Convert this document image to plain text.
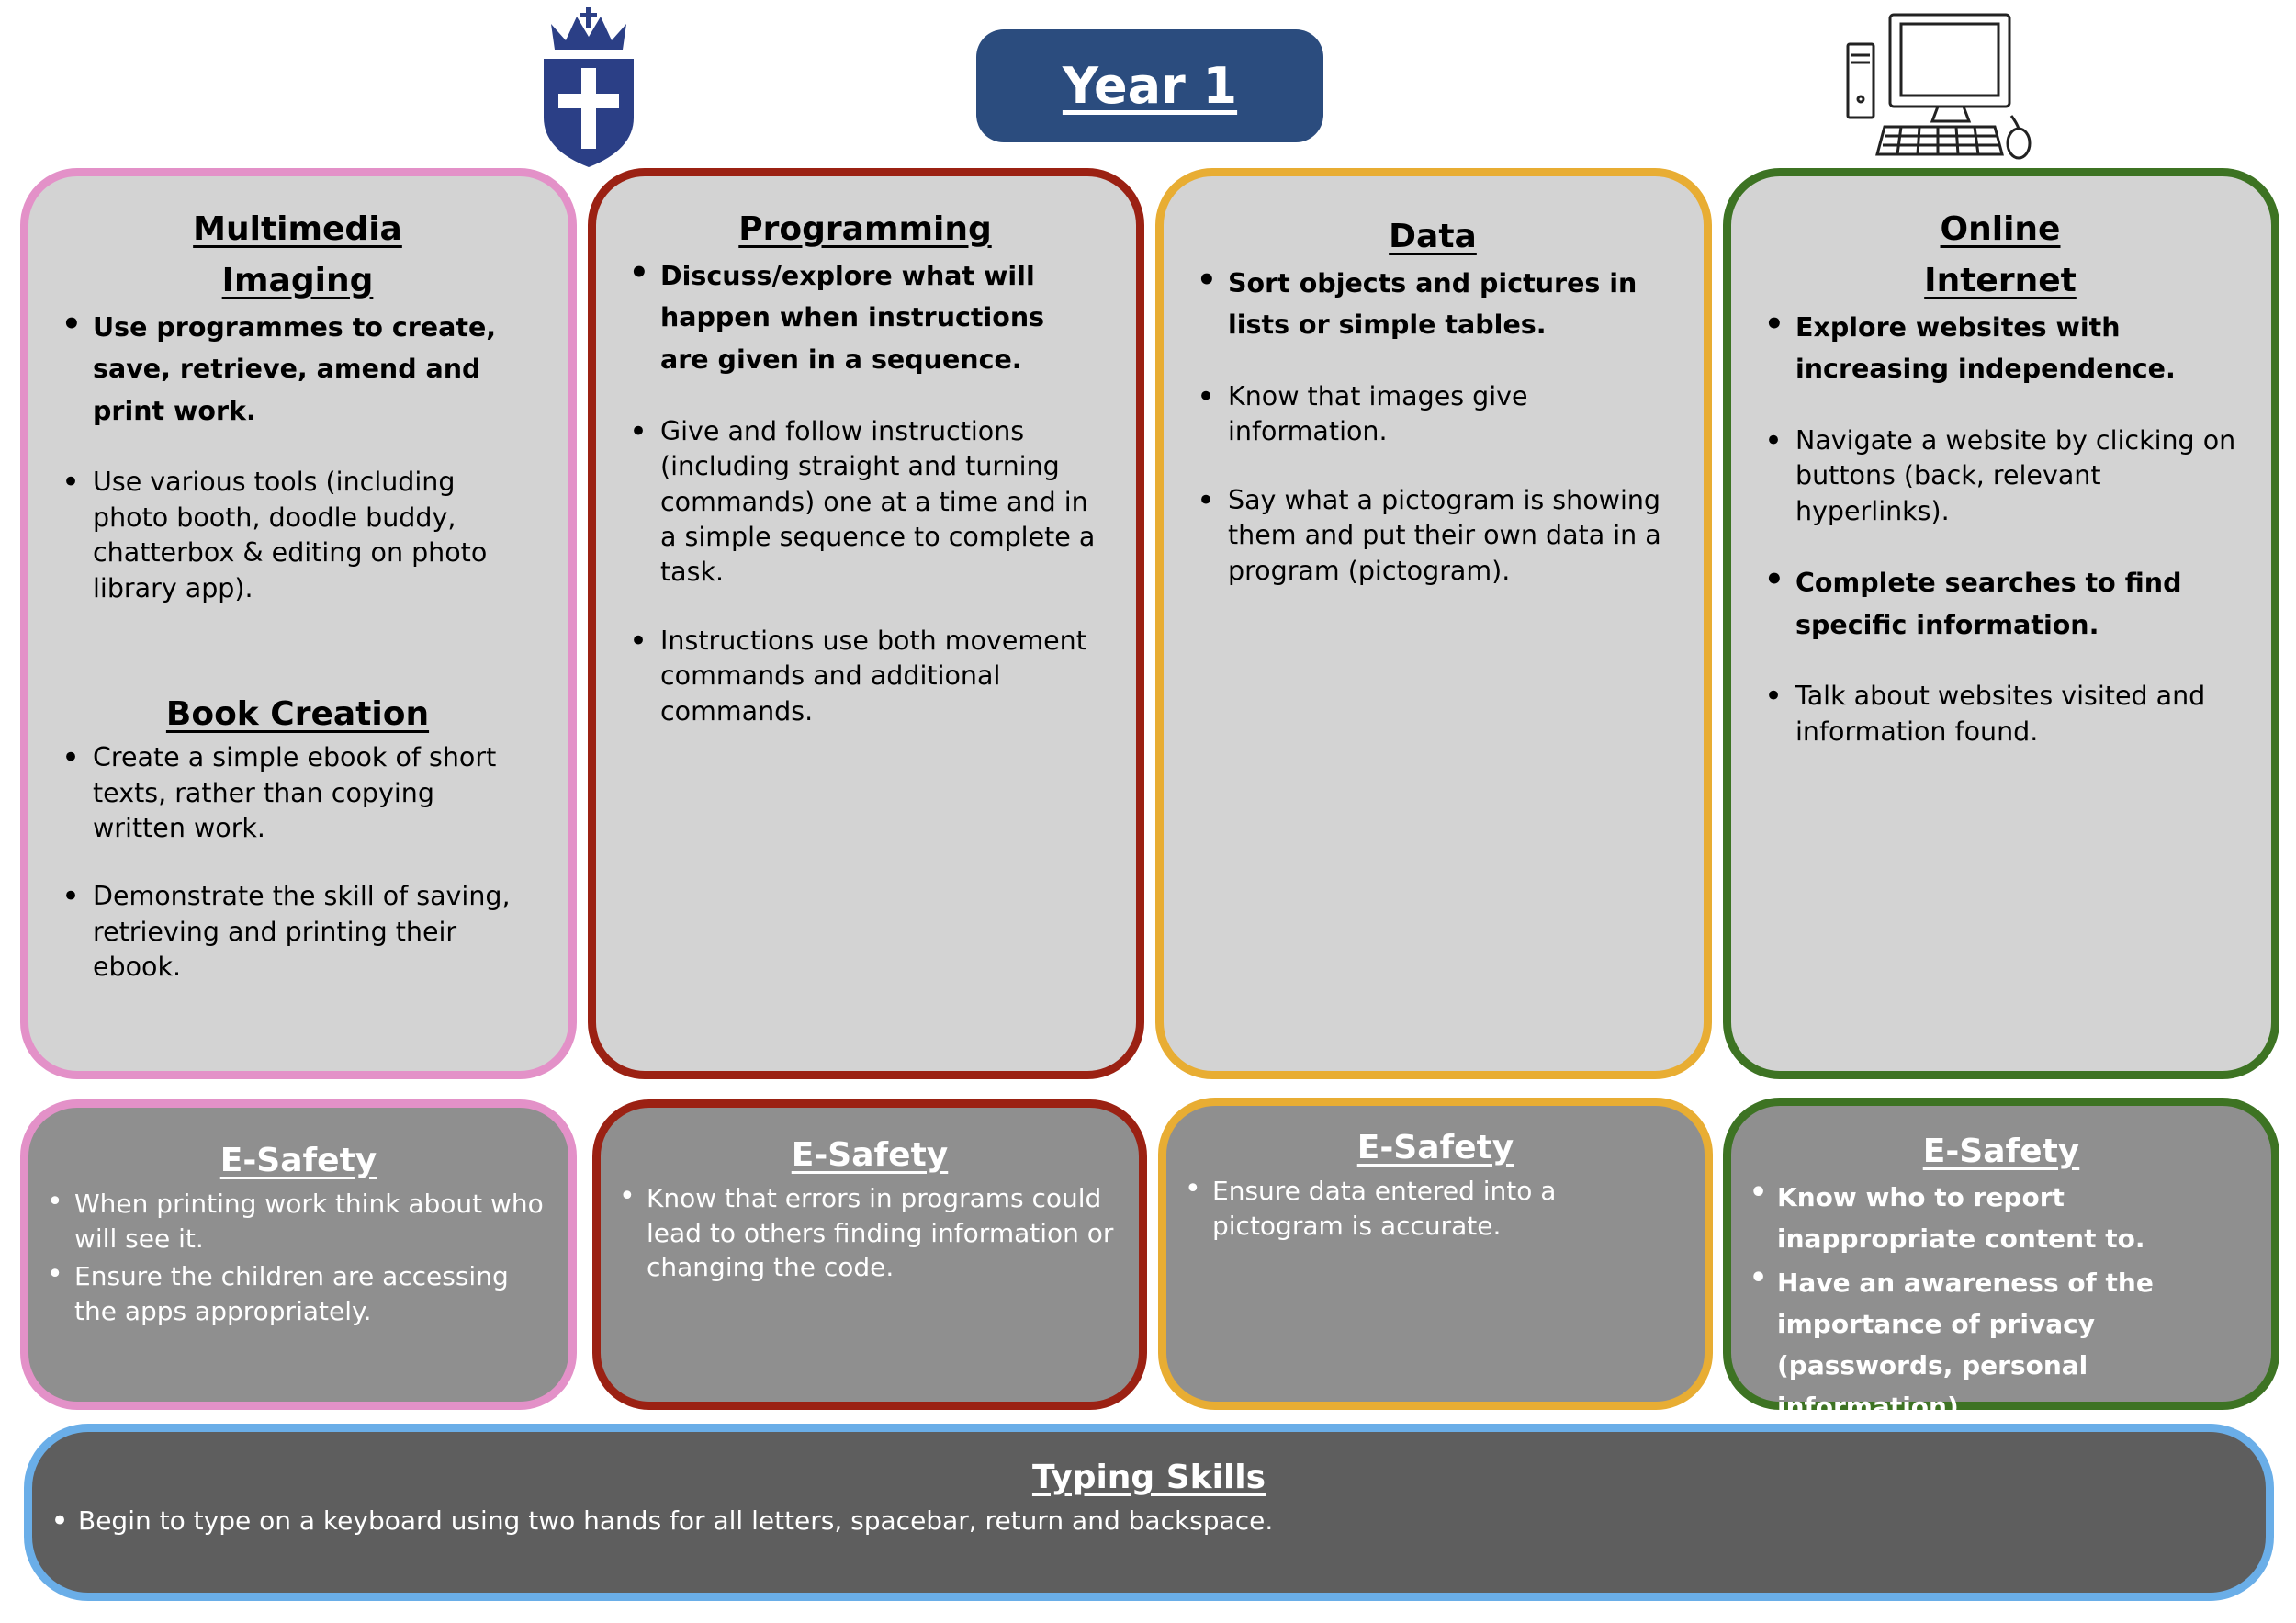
Year 1
Multimedia
Imaging
• Use programmes to create, save, retrieve, amend and print work.
• Use various tools (including photo booth, doodle buddy, chatterbox & editing on photo library app).
Book Creation
• Create a simple ebook of short texts, rather than copying written work.
• Demonstrate the skill of saving, retrieving and printing their ebook.
Programming
• Discuss/explore what will happen when instructions are given in a sequence.
• Give and follow instructions (including straight and turning commands) one at a time and in a simple sequence to complete a task.
• Instructions use both movement commands and additional commands.
Data
• Sort objects and pictures in lists or simple tables.
• Know that images give information.
• Say what a pictogram is showing them and put their own data in a program (pictogram).
Online
Internet
• Explore websites with increasing independence.
• Navigate a website by clicking on buttons (back, relevant hyperlinks).
• Complete searches to find specific information.
• Talk about websites visited and information found.
E-Safety
• When printing work think about who will see it.
• Ensure the children are accessing the apps appropriately.
E-Safety
• Know that errors in programs could lead to others finding information or changing the code.
E-Safety
• Ensure data entered into a pictogram is accurate.
E-Safety
• Know who to report inappropriate content to.
• Have an awareness of the importance of privacy (passwords, personal information).
Typing Skills
• Begin to type on a keyboard using two hands for all letters, spacebar, return and backspace.
